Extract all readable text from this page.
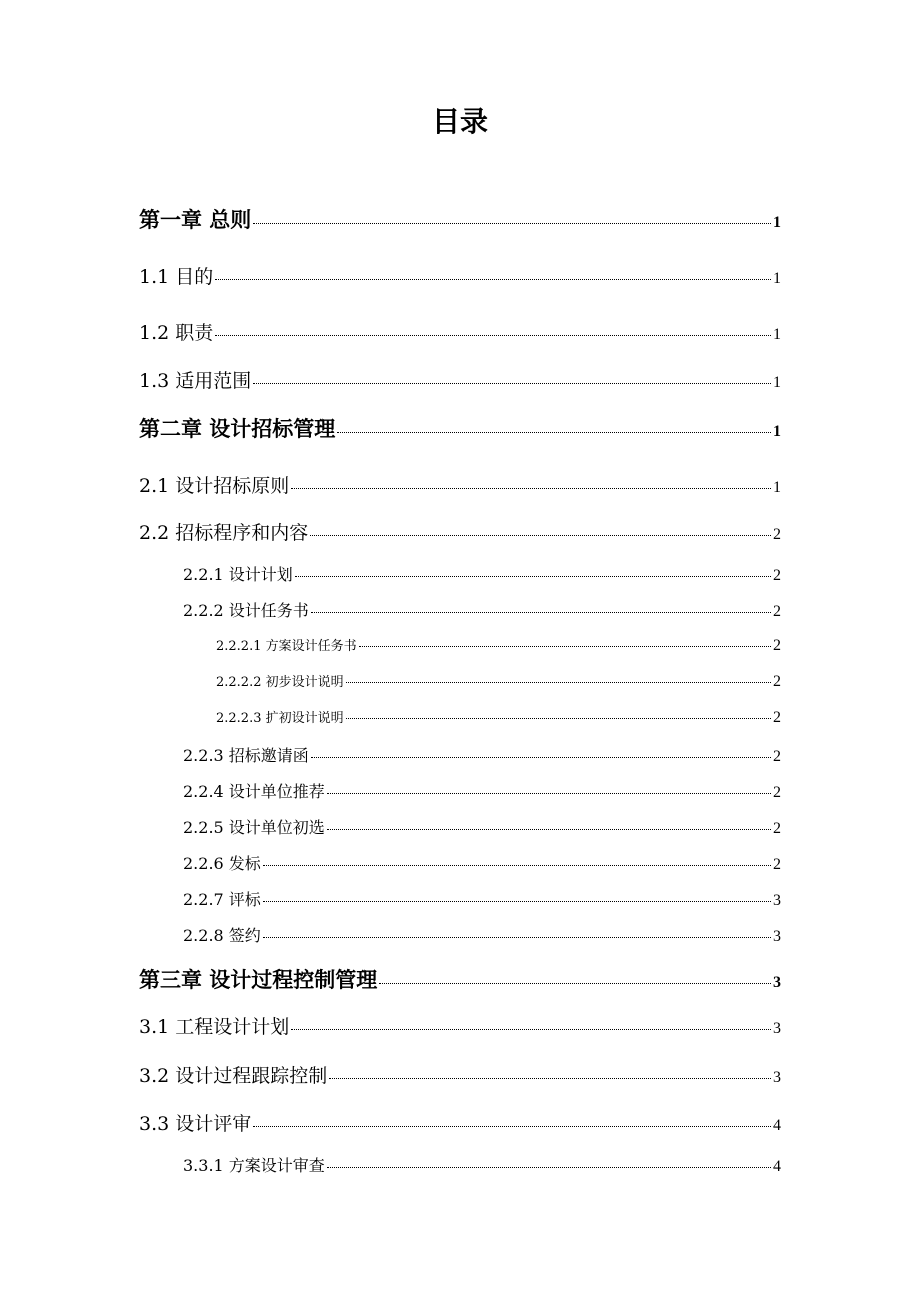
目录
第一章 总则	1
1.1 目的	1
1.2 职责	1
1.3 适用范围	1
第二章 设计招标管理	1
2.1 设计招标原则	1
2.2 招标程序和内容	2
2.2.1 设计计划	2
2.2.2 设计任务书	2
2.2.2.1 方案设计任务书	2
2.2.2.2 初步设计说明	2
2.2.2.3 扩初设计说明	2
2.2.3 招标邀请函	2
2.2.4 设计单位推荐	2
2.2.5 设计单位初选	2
2.2.6 发标	2
2.2.7 评标	3
2.2.8 签约	3
第三章 设计过程控制管理	3
3.1 工程设计计划	3
3.2 设计过程跟踪控制	3
3.3 设计评审	4
3.3.1 方案设计审查	4
